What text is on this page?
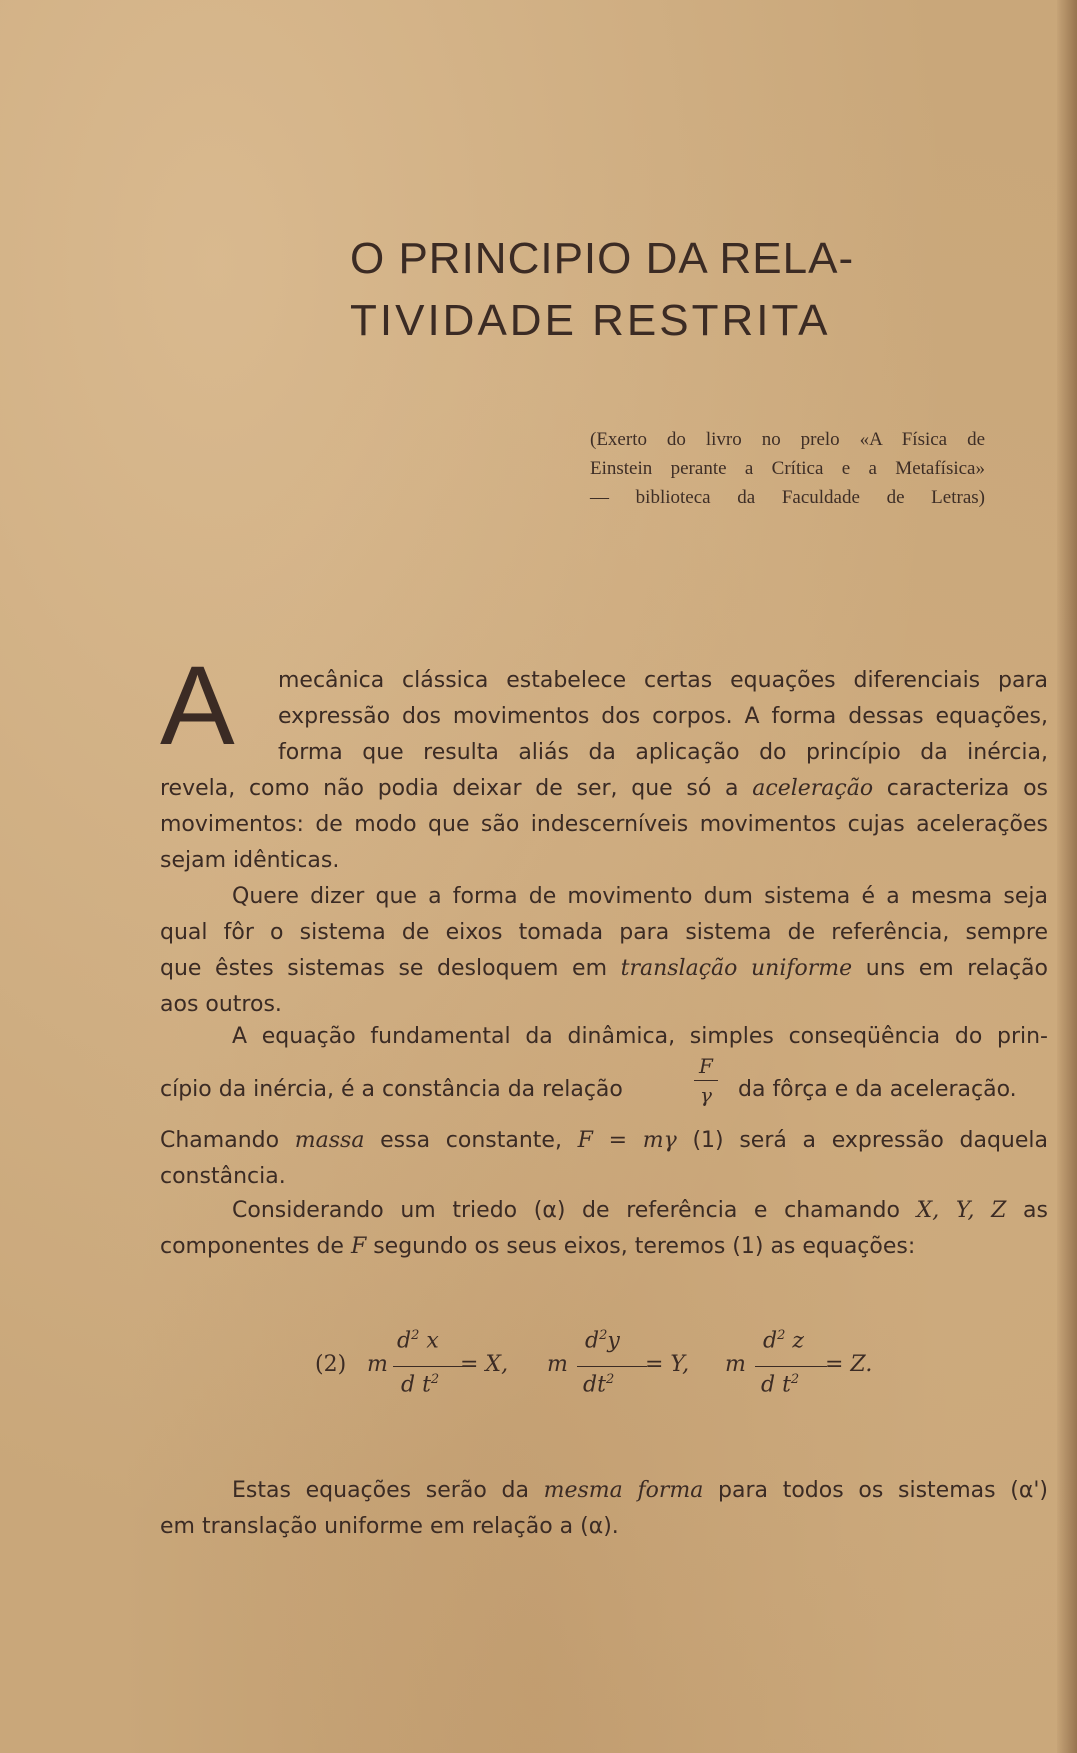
O PRINCIPIO DA RELA-
TIVIDADE RESTRITA
(Exerto do livro no prelo «A Física de
Einstein perante a Crítica e a Metafísica»
— biblioteca da Faculdade de Letras)
A mecânica clássica estabelece certas equações diferenciais para
expressão dos movimentos dos corpos. A forma dessas equações,
forma que resulta aliás da aplicação do princípio da inércia,
revela, como não podia deixar de ser, que só a aceleração caracteriza os
movimentos: de modo que são indescerníveis movimentos cujas acelerações
sejam idênticas.
Quere dizer que a forma de movimento dum sistema é a mesma seja
qual fôr o sistema de eixos tomada para sistema de referência, sempre
que êstes sistemas se desloquem em translação uniforme uns em relação
aos outros.
A equação fundamental da dinâmica, simples conseqüência do prin-
cípio da inércia, é a constância da relação
F
γ da fôrça e da aceleração.
Chamando massa essa constante, F = mγ (1) será a expressão daquela
constância.
Considerando um triedo (α) de referência e chamando X, Y, Z as
componentes de F segundo os seus eixos, teremos (1) as equações:
(2) m
$d^2$ x
d $t^2$
= X, m
$d^2y$
$dt^2$
= Y, m
$d^2$ z
d $t^2$
= Z.
Estas equações serão da mesma forma para todos os sistemas (α')
em translação uniforme em relação a (α).
